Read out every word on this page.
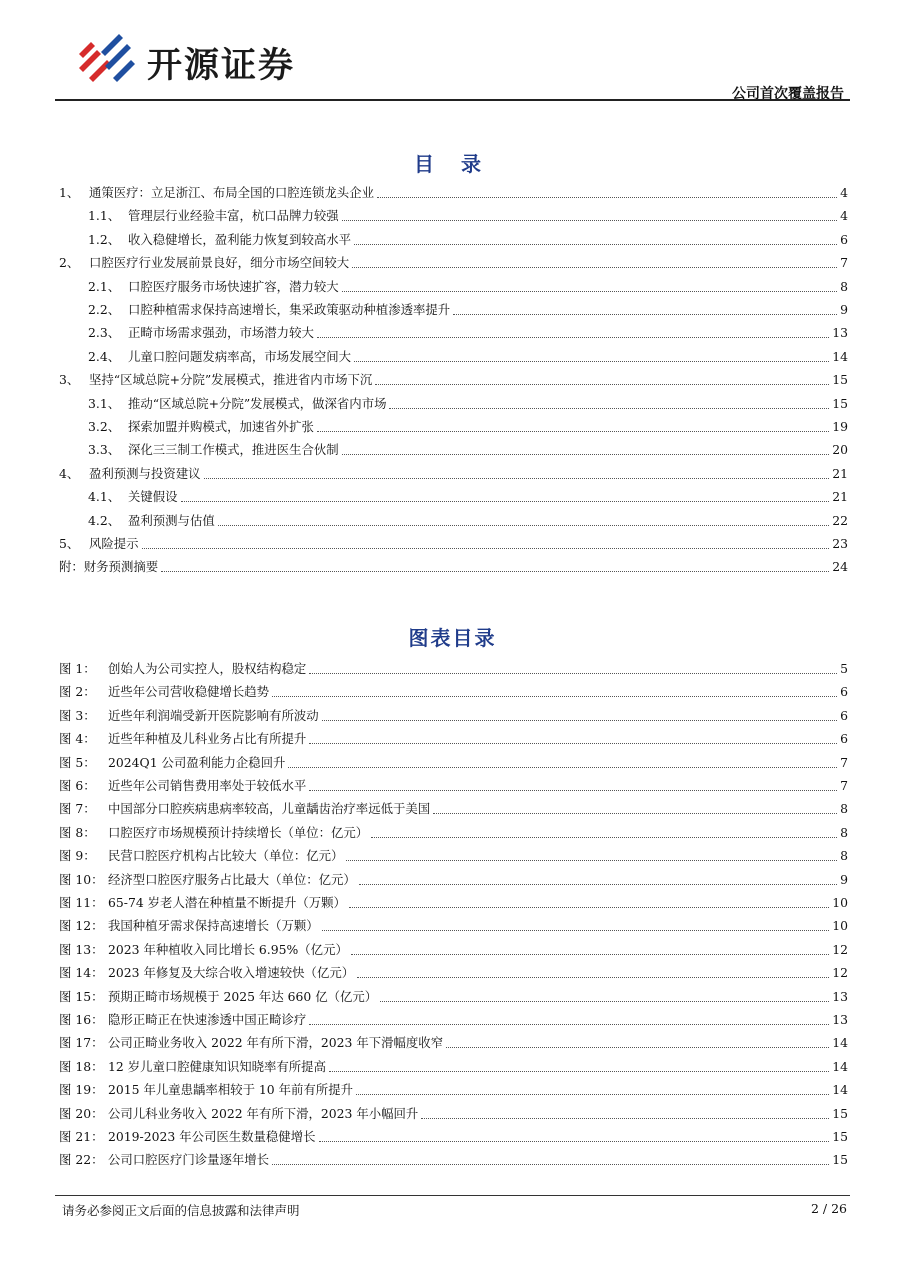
开源证券
公司首次覆盖报告
目 录
1、 通策医疗：立足浙江、布局全国的口腔连锁龙头企业	4
1.1、 管理层行业经验丰富，杭口品牌力较强	4
1.2、 收入稳健增长，盈利能力恢复到较高水平	6
2、 口腔医疗行业发展前景良好，细分市场空间较大	7
2.1、 口腔医疗服务市场快速扩容，潜力较大	8
2.2、 口腔种植需求保持高速增长，集采政策驱动种植渗透率提升	9
2.3、 正畸市场需求强劲，市场潜力较大	13
2.4、 儿童口腔问题发病率高，市场发展空间大	14
3、 坚持“区域总院+分院”发展模式，推进省内市场下沉	15
3.1、 推动“区域总院+分院”发展模式，做深省内市场	15
3.2、 探索加盟并购模式，加速省外扩张	19
3.3、 深化三三制工作模式，推进医生合伙制	20
4、 盈利预测与投资建议	21
4.1、 关键假设	21
4.2、 盈利预测与估值	22
5、 风险提示	23
附： 财务预测摘要	24
图表目录
图 1： 创始人为公司实控人，股权结构稳定	5
图 2： 近些年公司营收稳健增长趋势	6
图 3： 近些年利润端受新开医院影响有所波动	6
图 4： 近些年种植及儿科业务占比有所提升	6
图 5： 2024Q1 公司盈利能力企稳回升	7
图 6： 近些年公司销售费用率处于较低水平	7
图 7： 中国部分口腔疾病患病率较高，儿童龋齿治疗率远低于美国	8
图 8： 口腔医疗市场规模预计持续增长（单位：亿元）	8
图 9： 民营口腔医疗机构占比较大（单位：亿元）	8
图 10： 经济型口腔医疗服务占比最大（单位：亿元）	9
图 11： 65-74 岁老人潜在种植量不断提升（万颗）	10
图 12： 我国种植牙需求保持高速增长（万颗）	10
图 13： 2023 年种植收入同比增长 6.95%（亿元）	12
图 14： 2023 年修复及大综合收入增速较快（亿元）	12
图 15： 预期正畸市场规模于 2025 年达 660 亿（亿元）	13
图 16： 隐形正畸正在快速渗透中国正畸诊疗	13
图 17： 公司正畸业务收入 2022 年有所下滑，2023 年下滑幅度收窄	14
图 18： 12 岁儿童口腔健康知识知晓率有所提高	14
图 19： 2015 年儿童患龋率相较于 10 年前有所提升	14
图 20： 公司儿科业务收入 2022 年有所下滑，2023 年小幅回升	15
图 21： 2019-2023 年公司医生数量稳健增长	15
图 22： 公司口腔医疗门诊量逐年增长	15
请务必参阅正文后面的信息披露和法律声明	2 / 26
